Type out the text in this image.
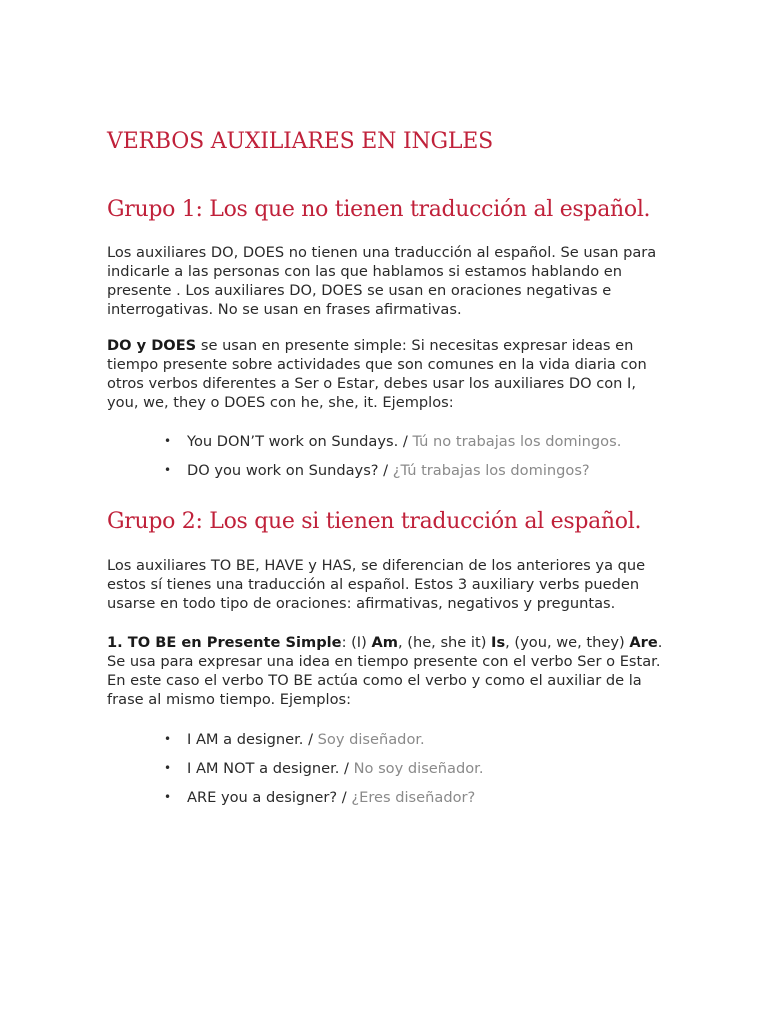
VERBOS AUXILIARES EN INGLES
Grupo 1: Los que no tienen traducción al español.

Los auxiliares DO, DOES no tienen una traducción al español. Se usan para indicarle a las personas con las que hablamos si estamos hablando en presente . Los auxiliares DO, DOES se usan en oraciones negativas e interrogativas. No se usan en frases afirmativas.

DO y DOES se usan en presente simple: Si necesitas expresar ideas en tiempo presente sobre actividades que son comunes en la vida diaria con otros verbos diferentes a Ser o Estar, debes usar los auxiliares DO con I, you, we, they o DOES con he, she, it. Ejemplos:

• You DON’T work on Sundays. / Tú no trabajas los domingos.
• DO you work on Sundays? / ¿Tú trabajas los domingos?
Grupo 2: Los que si tienen traducción al español.

Los auxiliares TO BE, HAVE y HAS, se diferencian de los anteriores ya que estos sí tienes una traducción al español. Estos 3 auxiliary verbs pueden usarse en todo tipo de oraciones: afirmativas, negativos y preguntas.

1. TO BE en Presente Simple: (I) Am, (he, she it) Is, (you, we, they) Are. Se usa para expresar una idea en tiempo presente con el verbo Ser o Estar. En este caso el verbo TO BE actúa como el verbo y como el auxiliar de la frase al mismo tiempo. Ejemplos:

• I AM a designer. / Soy diseñador.
• I AM NOT a designer. / No soy diseñador.
• ARE you a designer? / ¿Eres diseñador?
